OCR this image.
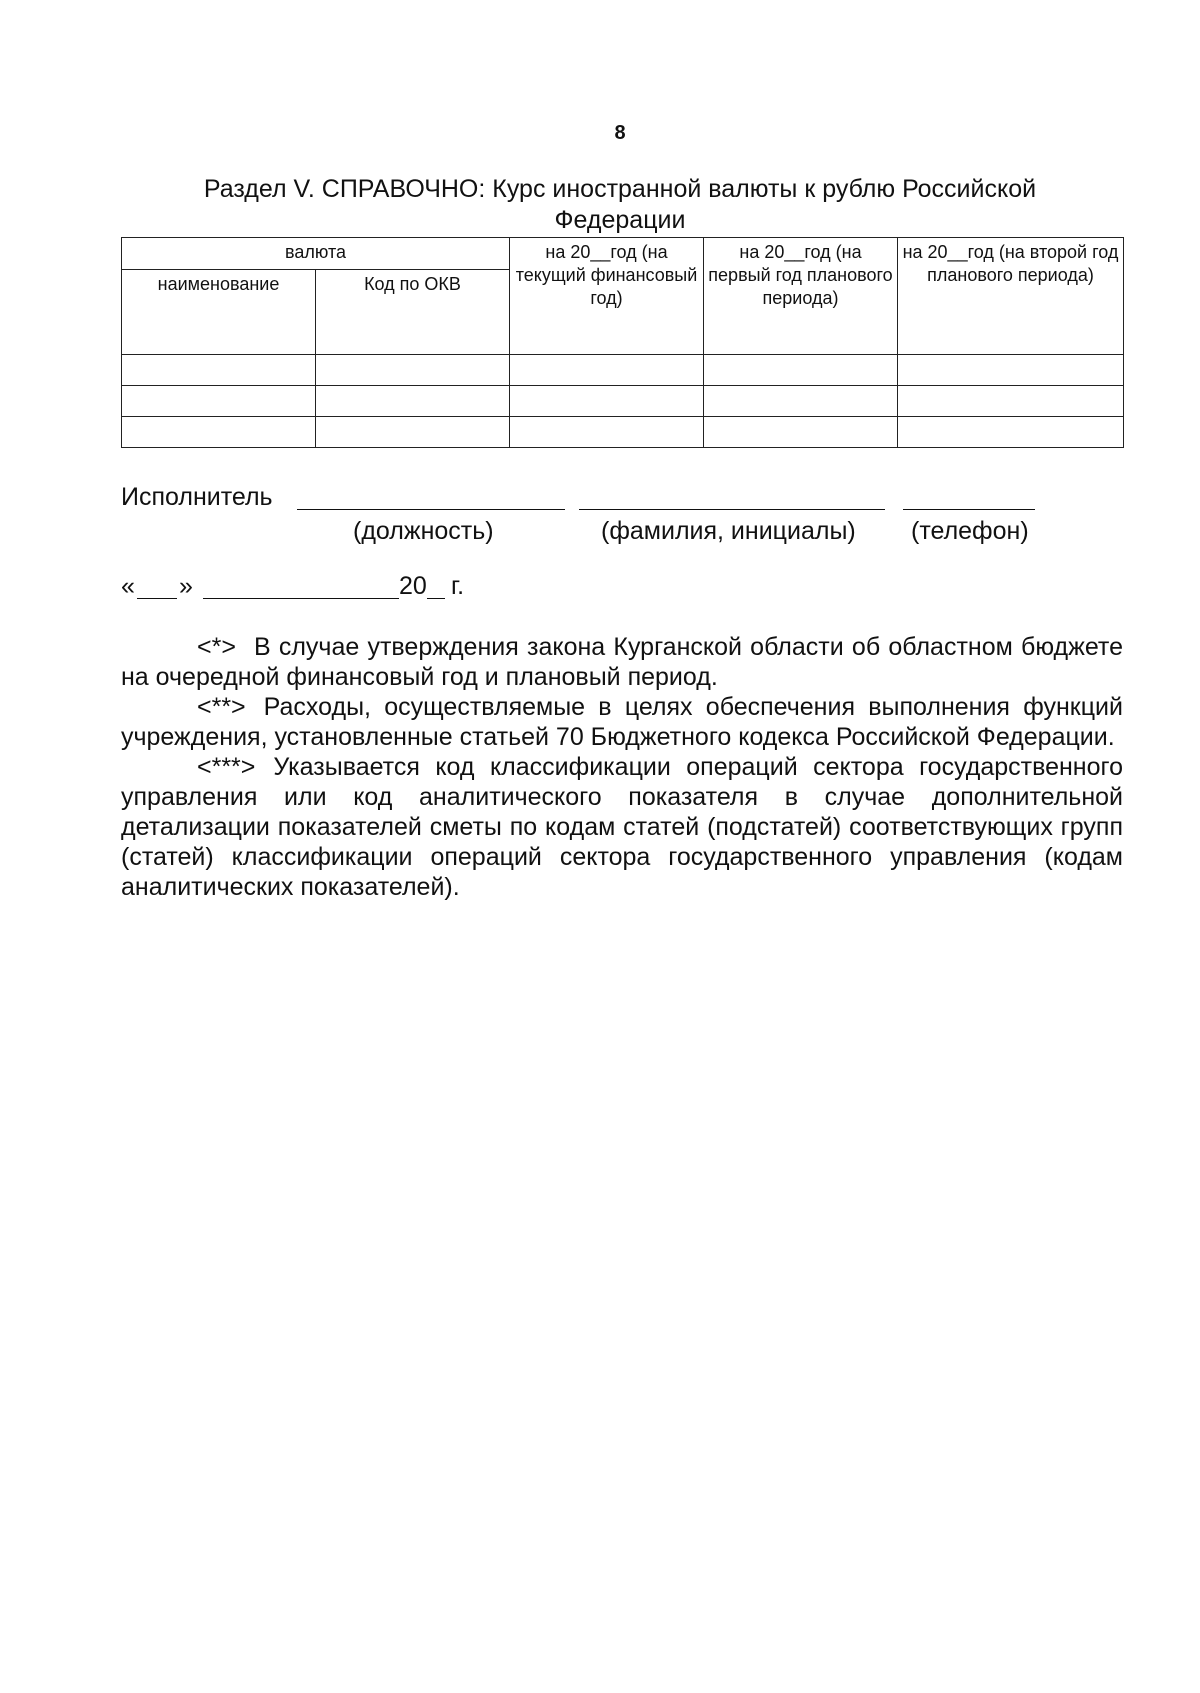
8
Раздел V. СПРАВОЧНО: Курс иностранной валюты к рублю Российской Федерации
валюта		на 20__год (на текущий финансовый год)	на 20__год (на первый год планового периода)	на 20__год (на второй год планового периода)
наименование	Код по ОКВ			

Исполнитель
(должность)	(фамилия, инициалы) (телефон)
« »	20 г.

<*> В случае утверждения закона Курганской области об областном бюджете на очередной финансовый год и плановый период.

<**> Расходы, осуществляемые в целях обеспечения выполнения функций учреждения, установленные статьей 70 Бюджетного кодекса Российской Федерации.

<***> Указывается код классификации операций сектора государственного управления или код аналитического показателя в случае дополнительной детализации показателей сметы по кодам статей (подстатей) соответствующих групп (статей) классификации операций сектора государственного управления (кодам аналитических показателей).
